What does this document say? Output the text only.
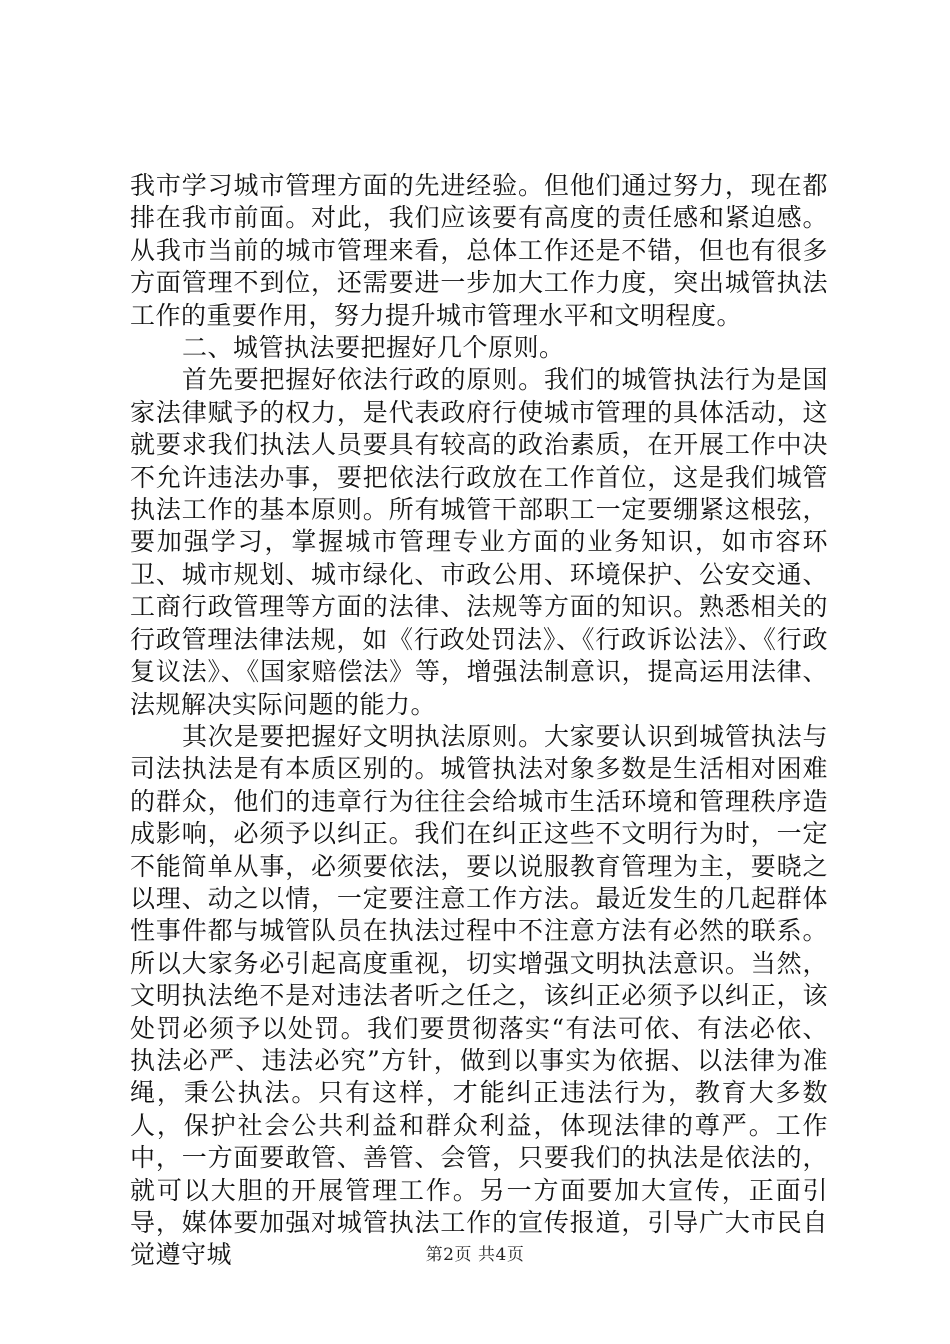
我市学习城市管理方面的先进经验。但他们通过努力，现在都排在我市前面。对此，我们应该要有高度的责任感和紧迫感。从我市当前的城市管理来看，总体工作还是不错，但也有很多方面管理不到位，还需要进一步加大工作力度，突出城管执法工作的重要作用，努力提升城市管理水平和文明程度。

二、城管执法要把握好几个原则。

首先要把握好依法行政的原则。我们的城管执法行为是国家法律赋予的权力，是代表政府行使城市管理的具体活动，这就要求我们执法人员要具有较高的政治素质，在开展工作中决不允许违法办事，要把依法行政放在工作首位，这是我们城管执法工作的基本原则。所有城管干部职工一定要绷紧这根弦，要加强学习，掌握城市管理专业方面的业务知识，如市容环卫、城市规划、城市绿化、市政公用、环境保护、公安交通、工商行政管理等方面的法律、法规等方面的知识。熟悉相关的行政管理法律法规，如《行政处罚法》、《行政诉讼法》、《行政复议法》、《国家赔偿法》等，增强法制意识，提高运用法律、法规解决实际问题的能力。

其次是要把握好文明执法原则。大家要认识到城管执法与司法执法是有本质区别的。城管执法对象多数是生活相对困难的群众，他们的违章行为往往会给城市生活环境和管理秩序造成影响，必须予以纠正。我们在纠正这些不文明行为时，一定不能简单从事，必须要依法，要以说服教育管理为主，要晓之以理、动之以情，一定要注意工作方法。最近发生的几起群体性事件都与城管队员在执法过程中不注意方法有必然的联系。所以大家务必引起高度重视，切实增强文明执法意识。当然，文明执法绝不是对违法者听之任之，该纠正必须予以纠正，该处罚必须予以处罚。我们要贯彻落实“有法可依、有法必依、执法必严、违法必究”方针，做到以事实为依据、以法律为准绳，秉公执法。只有这样，才能纠正违法行为，教育大多数人，保护社会公共利益和群众利益，体现法律的尊严。工作中，一方面要敢管、善管、会管，只要我们的执法是依法的，就可以大胆的开展管理工作。另一方面要加大宣传，正面引导，媒体要加强对城管执法工作的宣传报道，引导广大市民自觉遵守城	第2页 共4页
